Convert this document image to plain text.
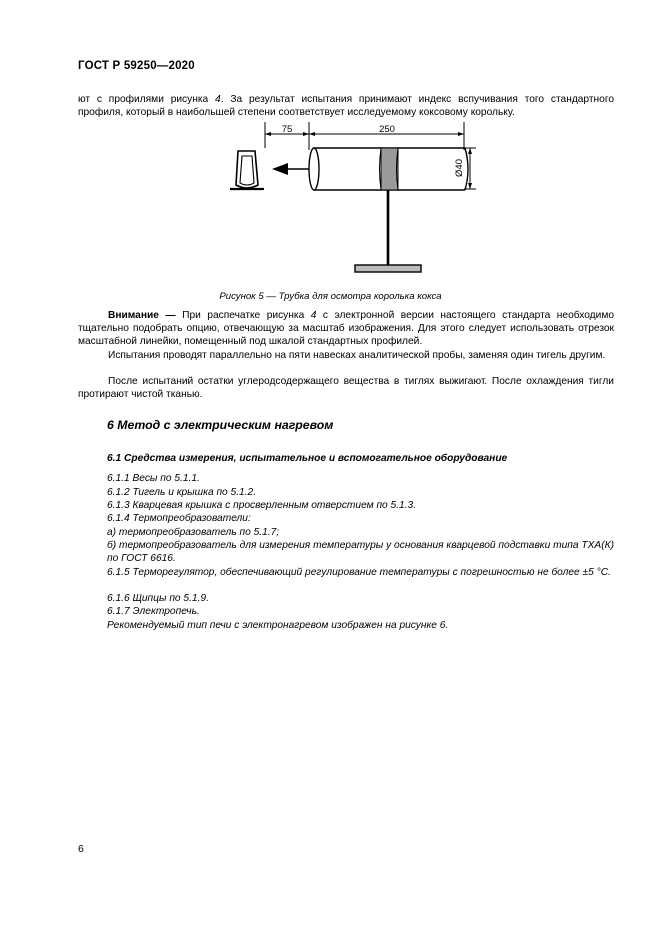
ГОСТ Р 59250—2020
ют с профилями рисунка 4. За результат испытания принимают индекс вспучивания того стандартного профиля, который в наибольшей степени соответствует исследуемому коксовому корольку.
75	250
Ø40
Рисунок 5 — Трубка для осмотра королька кокса
Внимание — При распечатке рисунка 4 с электронной версии настоящего стандарта необходимо тщательно подобрать опцию, отвечающую за масштаб изображения. Для этого следует использовать отрезок масштабной линейки, помещенный под шкалой стандартных профилей.
Испытания проводят параллельно на пяти навесках аналитической пробы, заменяя один тигель другим.
После испытаний остатки углеродсодержащего вещества в тиглях выжигают. После охлаждения тигли протирают чистой тканью.
6 Метод с электрическим нагревом
6.1 Средства измерения, испытательное и вспомогательное оборудование
6.1.1 Весы по 5.1.1.
6.1.2 Тигель и крышка по 5.1.2.
6.1.3 Кварцевая крышка с просверленным отверстием по 5.1.3.
6.1.4 Термопреобразователи:
а) термопреобразователь по 5.1.7;
б) термопреобразователь для измерения температуры у основания кварцевой подставки типа ТХА(К) по ГОСТ 6616.
6.1.5 Терморегулятор, обеспечивающий регулирование температуры с погрешностью не более ±5 °С.
6.1.6 Щипцы по 5.1.9.
6.1.7 Электропечь.
Рекомендуемый тип печи с электронагревом изображен на рисунке 6.
6
